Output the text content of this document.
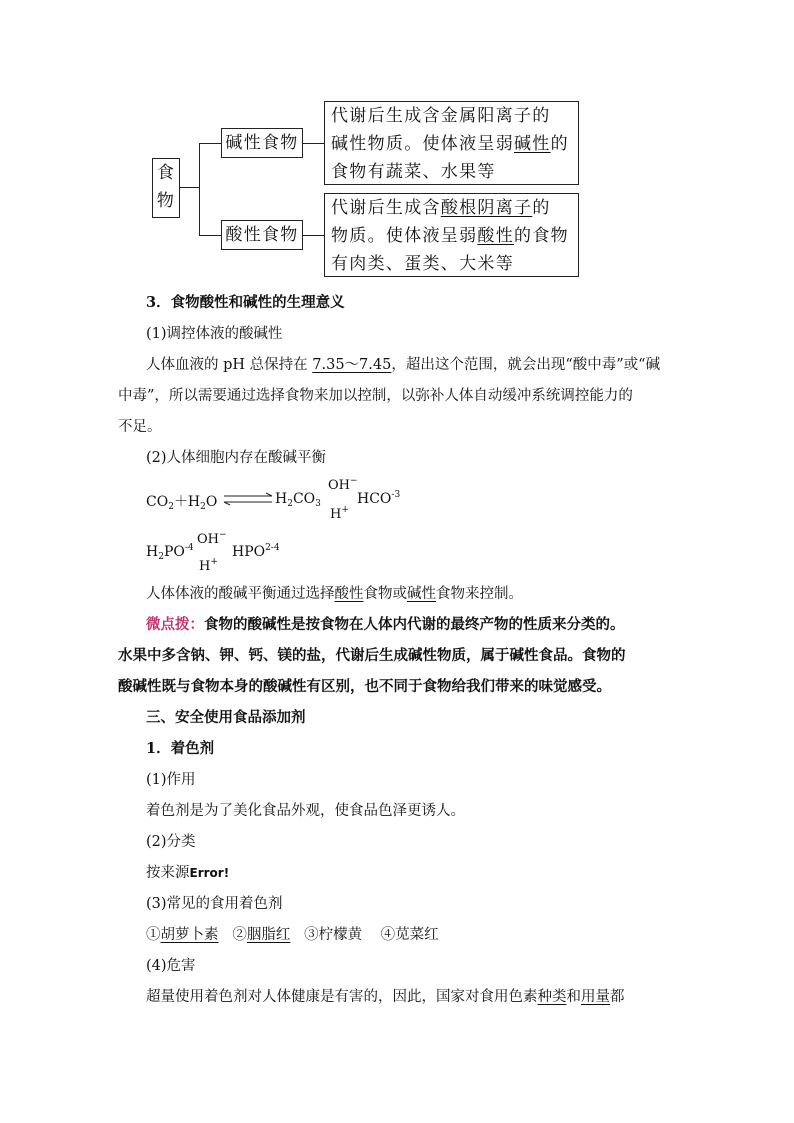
食
物
碱性食物
代谢后生成含金属阳离子的
碱性物质。使体液呈弱碱性的
食物有蔬菜、水果等
酸性食物
代谢后生成含酸根阴离子的
物质。使体液呈弱酸性的食物
有肉类、蛋类、大米等
3．食物酸性和碱性的生理意义
(1)调控体液的酸碱性
人体血液的 pH 总保持在 7.35～7.45，超出这个范围，就会出现“酸中毒”或“碱
中毒”，所以需要通过选择食物来加以控制，以弥补人体自动缓冲系统调控能力的
不足。
(2)人体细胞内存在酸碱平衡
$CO_2+H_2O$	$H_2CO_3$
OH−
H+
$HCO^{-3}$
$H_2PO^{-4}$
OH−
H+
HPO$^{2-4}$
人体体液的酸碱平衡通过选择酸性食物或碱性食物来控制。
微点拨：食物的酸碱性是按食物在人体内代谢的最终产物的性质来分类的。
水果中多含钠、钾、钙、镁的盐，代谢后生成碱性物质，属于碱性食品。食物的
酸碱性既与食物本身的酸碱性有区别，也不同于食物给我们带来的味觉感受。
三、安全使用食品添加剂
1．着色剂
(1)作用
着色剂是为了美化食品外观，使食品色泽更诱人。
(2)分类
按来源Error!
(3)常见的食用着色剂
①胡萝卜素 ②胭脂红 ③柠檬黄 ④苋菜红
(4)危害
超量使用着色剂对人体健康是有害的，因此，国家对食用色素种类和用量都
